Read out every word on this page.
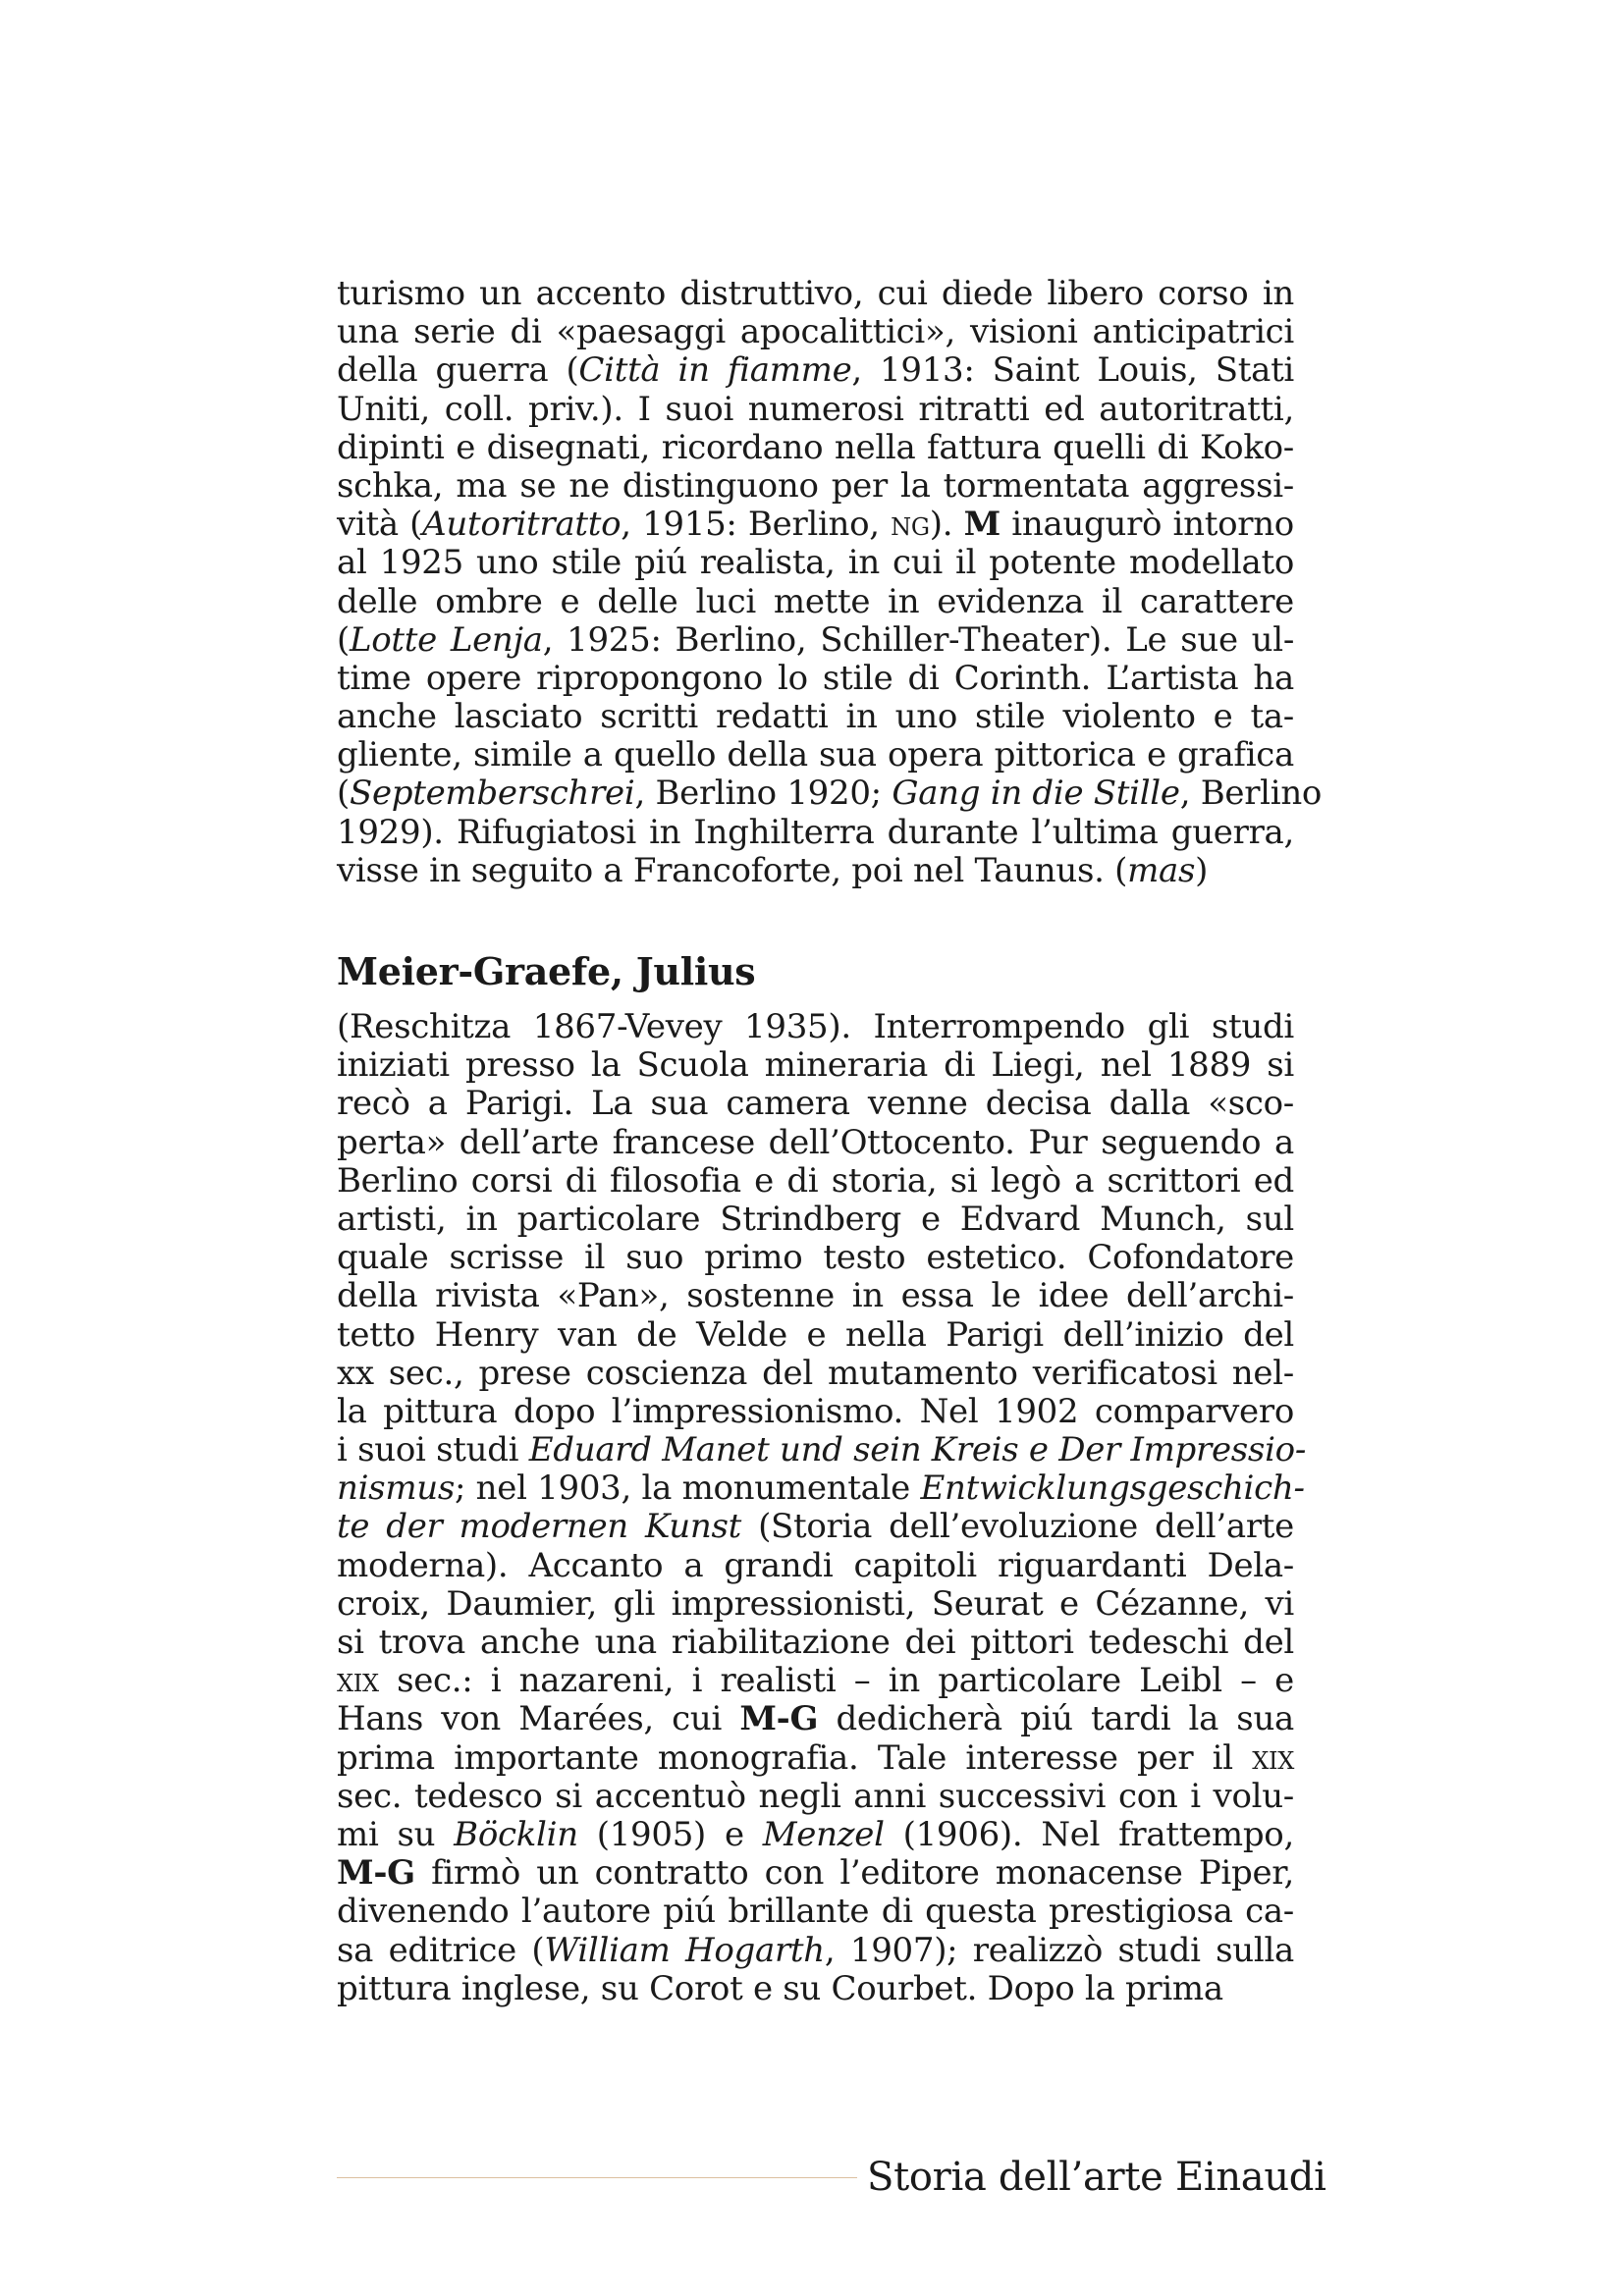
turismo un accento distruttivo, cui diede libero corso in
una serie di «paesaggi apocalittici», visioni anticipatrici
della guerra (Città in fiamme, 1913: Saint Louis, Stati
Uniti, coll. priv.). I suoi numerosi ritratti ed autoritratti,
dipinti e disegnati, ricordano nella fattura quelli di Koko-
schka, ma se ne distinguono per la tormentata aggressi-
vità (Autoritratto, 1915: Berlino, ng). M inaugurò intorno
al 1925 uno stile piú realista, in cui il potente modellato
delle ombre e delle luci mette in evidenza il carattere
(Lotte Lenja, 1925: Berlino, Schiller-Theater). Le sue ul-
time opere ripropongono lo stile di Corinth. L’artista ha
anche lasciato scritti redatti in uno stile violento e ta-
gliente, simile a quello della sua opera pittorica e grafica
(Septemberschrei, Berlino 1920; Gang in die Stille, Berlino
1929). Rifugiatosi in Inghilterra durante l’ultima guerra,
visse in seguito a Francoforte, poi nel Taunus. (mas)
Meier-Graefe, Julius
(Reschitza 1867-Vevey 1935). Interrompendo gli studi
iniziati presso la Scuola mineraria di Liegi, nel 1889 si
recò a Parigi. La sua camera venne decisa dalla «sco-
perta» dell’arte francese dell’Ottocento. Pur seguendo a
Berlino corsi di filosofia e di storia, si legò a scrittori ed
artisti, in particolare Strindberg e Edvard Munch, sul
quale scrisse il suo primo testo estetico. Cofondatore
della rivista «Pan», sostenne in essa le idee dell’archi-
tetto Henry van de Velde e nella Parigi dell’inizio del
xx sec., prese coscienza del mutamento verificatosi nel-
la pittura dopo l’impressionismo. Nel 1902 comparvero
i suoi studi Eduard Manet und sein Kreis e Der Impressio-
nismus; nel 1903, la monumentale Entwicklungsgeschich-
te der modernen Kunst (Storia dell’evoluzione dell’arte
moderna). Accanto a grandi capitoli riguardanti Dela-
croix, Daumier, gli impressionisti, Seurat e Cézanne, vi
si trova anche una riabilitazione dei pittori tedeschi del
xix sec.: i nazareni, i realisti – in particolare Leibl – e
Hans von Marées, cui M-G dedicherà piú tardi la sua
prima importante monografia. Tale interesse per il xix
sec. tedesco si accentuò negli anni successivi con i volu-
mi su Böcklin (1905) e Menzel (1906). Nel frattempo,
M-G firmò un contratto con l’editore monacense Piper,
divenendo l’autore piú brillante di questa prestigiosa ca-
sa editrice (William Hogarth, 1907); realizzò studi sulla
pittura inglese, su Corot e su Courbet. Dopo la prima
Storia dell’arte Einaudi
